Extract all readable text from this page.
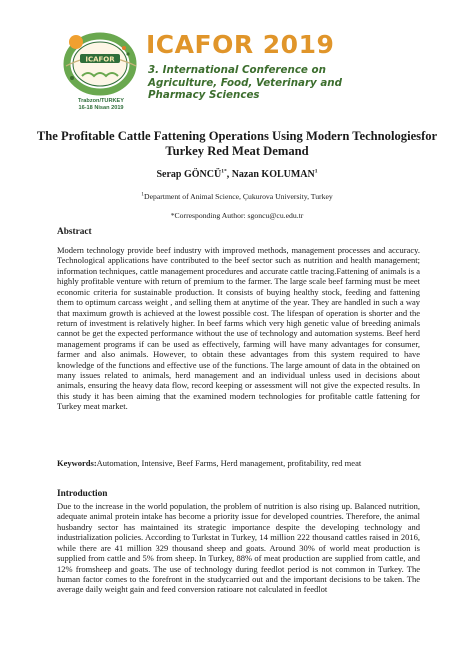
ICAFOR
Trabzon/TURKEY
16-18 Nisan 2019
ICAFOR 2019
3. International Conference on
Agriculture, Food, Veterinary and
Pharmacy Sciences
The Profitable Cattle Fattening Operations Using Modern Technologiesfor
Turkey Red Meat Demand
Serap $GÖNCÜ^{1*}$, Nazan KOLUMAN$^1$
$^1$Department of Animal Science, Çukurova University, Turkey
*Corresponding Author: sgoncu@cu.edu.tr
Abstract
Modern technology provide beef industry with improved methods, management processes and accuracy. Technological applications have contributed to the beef sector such as nutrition and health management; information techniques, cattle management procedures and accurate cattle tracing.Fattening of animals is a highly profitable venture with return of premium to the farmer. The large scale beef farming must be meet economic criteria for sustainable production. It consists of buying healthy stock, feeding and fattening them to optimum carcass weight , and selling them at anytime of the year. They are handled in such a way that maximum growth is achieved at the lowest possible cost. The lifespan of operation is shorter and the return of investment is relatively higher. In beef farms which very high genetic value of breeding animals cannot be get the expected performance without the use of technology and automation systems. Beef herd management programs if can be used as effectively, farming will have many advantages for consumer, farmer and also animals. However, to obtain these advantages from this system required to have knowledge of the functions and effective use of the functions. The large amount of data in the obtained on many issues related to animals, herd management and an individual unless used in decisions about animals, ensuring the heavy data flow, record keeping or assessment will not give the expected results. In this study it has been aiming that the examined modern technologies for profitable cattle fattening for Turkey meat market.
Keywords:Automation, Intensive, Beef Farms, Herd management, profitability, red meat
Introduction
Due to the increase in the world population, the problem of nutrition is also rising up. Balanced nutrition, adequate animal protein intake has become a priority issue for developed countries. Therefore, the animal husbandry sector has maintained its strategic importance despite the developing technology and industrialization policies. According to Turkstat in Turkey, 14 million 222 thousand cattles raised in 2016, while there are 41 million 329 thousand sheep and goats. Around 30% of world meat production is supplied from cattle and 5% from sheep. In Turkey, 88% of meat production are supplied from cattle, and 12% fromsheep and goats. The use of technology during feedlot period is not common in Turkey. The human factor comes to the forefront in the studycarried out and the important decisions to be taken. The average daily weight gain and feed conversion ratioare not calculated in feedlot
